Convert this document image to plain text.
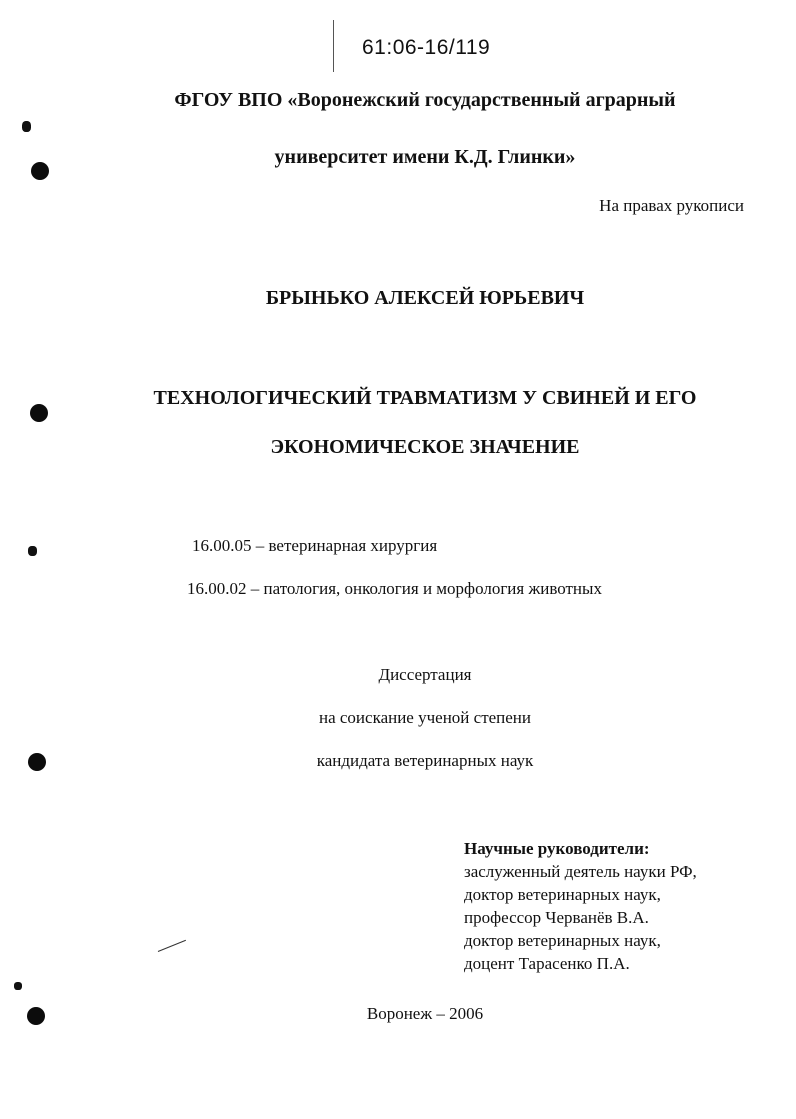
61:06-16/119
ФГОУ ВПО «Воронежский государственный аграрный
университет имени К.Д. Глинки»
На правах рукописи
БРЫНЬКО АЛЕКСЕЙ ЮРЬЕВИЧ
ТЕХНОЛОГИЧЕСКИЙ ТРАВМАТИЗМ У СВИНЕЙ И ЕГО
ЭКОНОМИЧЕСКОЕ ЗНАЧЕНИЕ
16.00.05 – ветеринарная хирургия
16.00.02 – патология, онкология и морфология животных
Диссертация
на соискание ученой степени
кандидата ветеринарных наук
Научные руководители:
заслуженный деятель науки РФ,
доктор ветеринарных наук,
профессор Черванёв В.А.
доктор ветеринарных наук,
доцент Тарасенко П.А.
Воронеж – 2006
